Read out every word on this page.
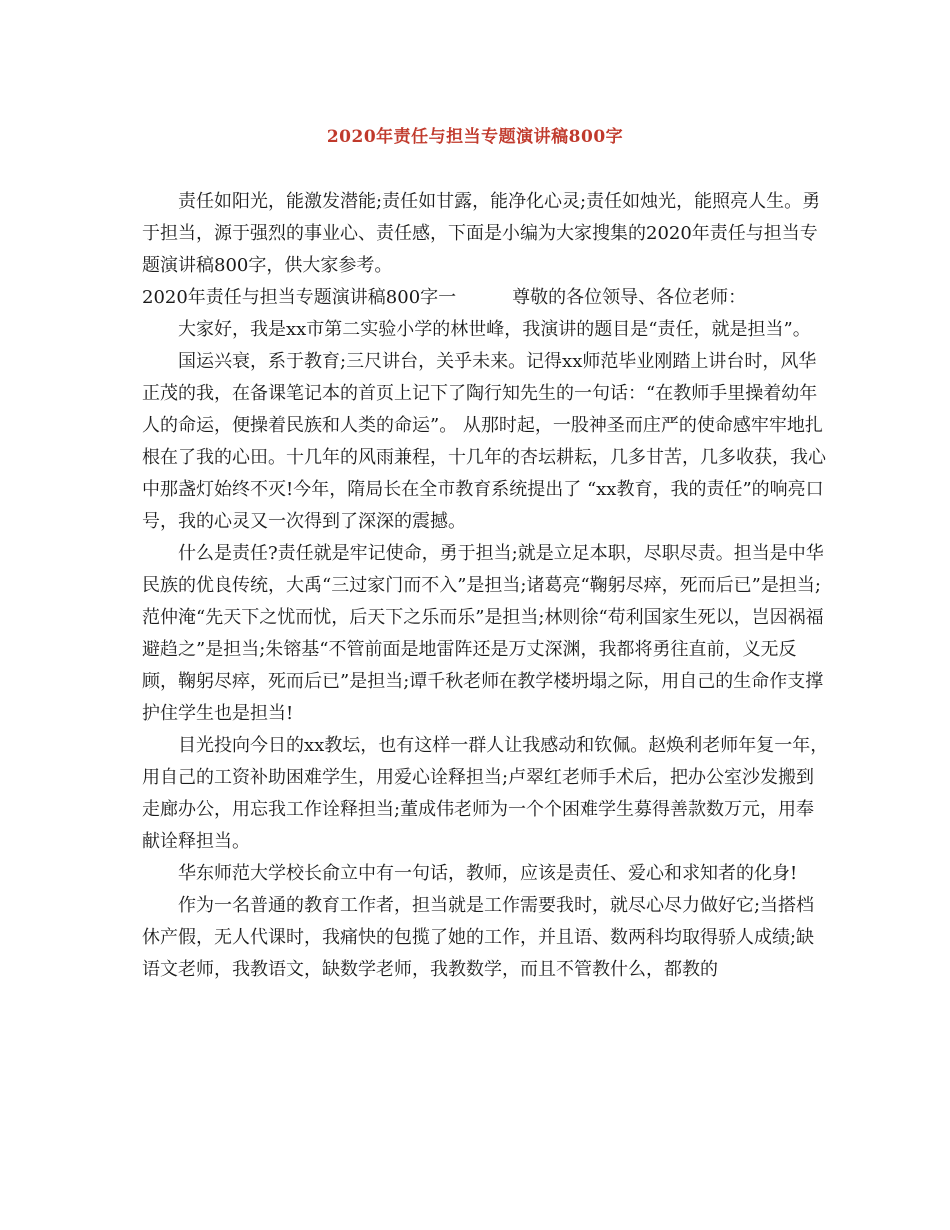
2020年责任与担当专题演讲稿800字

责任如阳光，能激发潜能;责任如甘露，能净化心灵;责任如烛光，能照亮人生。勇于担当，源于强烈的事业心、责任感，下面是小编为大家搜集的2020年责任与担当专题演讲稿800字，供大家参考。

2020年责任与担当专题演讲稿800字一	尊敬的各位领导、各位老师：

大家好，我是xx市第二实验小学的林世峰，我演讲的题目是“责任，就是担当”。

国运兴衰，系于教育;三尺讲台，关乎未来。记得xx师范毕业刚踏上讲台时，风华正茂的我，在备课笔记本的首页上记下了陶行知先生的一句话：“在教师手里操着幼年人的命运，便操着民族和人类的命运”。 从那时起，一股神圣而庄严的使命感牢牢地扎根在了我的心田。十几年的风雨兼程，十几年的杏坛耕耘，几多甘苦，几多收获，我心中那盏灯始终不灭!今年，隋局长在全市教育系统提出了 “xx教育，我的责任”的响亮口号，我的心灵又一次得到了深深的震撼。

什么是责任?责任就是牢记使命，勇于担当;就是立足本职，尽职尽责。担当是中华民族的优良传统，大禹“三过家门而不入”是担当;诸葛亮“鞠躬尽瘁，死而后已”是担当;范仲淹“先天下之忧而忧，后天下之乐而乐”是担当;林则徐“苟利国家生死以，岂因祸福避趋之”是担当;朱镕基“不管前面是地雷阵还是万丈深渊，我都将勇往直前，义无反顾，鞠躬尽瘁，死而后已”是担当;谭千秋老师在教学楼坍塌之际，用自己的生命作支撑护住学生也是担当!

目光投向今日的xx教坛，也有这样一群人让我感动和钦佩。赵焕利老师年复一年，用自己的工资补助困难学生，用爱心诠释担当;卢翠红老师手术后，把办公室沙发搬到走廊办公，用忘我工作诠释担当;董成伟老师为一个个困难学生募得善款数万元，用奉献诠释担当。

华东师范大学校长俞立中有一句话，教师，应该是责任、爱心和求知者的化身!

作为一名普通的教育工作者，担当就是工作需要我时，就尽心尽力做好它;当搭档休产假，无人代课时，我痛快的包揽了她的工作，并且语、数两科均取得骄人成绩;缺语文老师，我教语文，缺数学老师，我教数学，而且不管教什么，都教的
